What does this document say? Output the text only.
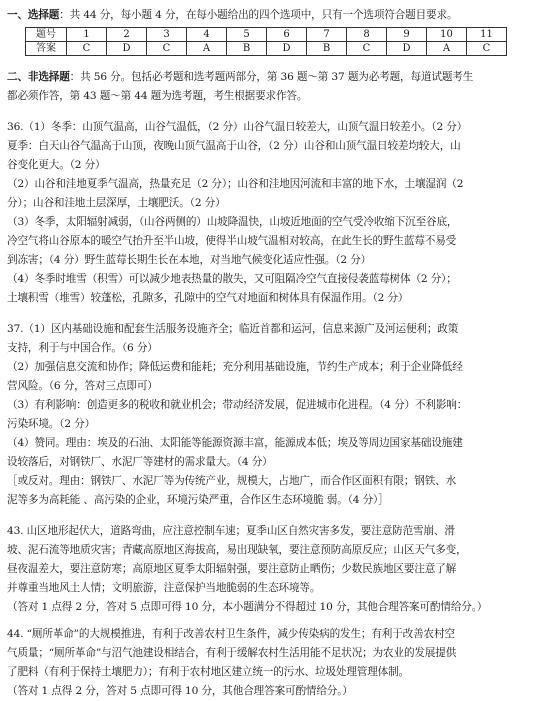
一、选择题：共 44 分，每小题 4 分，在每小题给出的四个选项中，只有一个选项符合题目要求。

题号	1	2	3	4	5	6	7	8	9	10	11
答案	C	D	C	A	B	D	B	C	D	A	C

二、非选择题：共 56 分。包括必考题和选考题两部分，第 36 题～第 37 题为必考题，每道试题考生

都必须作答，第 43 题～第 44 题为选考题，考生根据要求作答。

36.（1）冬季：山顶气温高，山谷气温低，（2 分）山谷气温日较差大，山顶气温日较差小。（2 分）

夏季：白天山谷气温高于山顶，夜晚山顶气温高于山谷，（2 分）山谷和山顶气温日较差均较大，山

谷变化更大。（2 分）

（2）山谷和洼地夏季气温高，热量充足（2 分）；山谷和洼地因河流和丰富的地下水，土壤湿润（2

分）；山谷和洼地土层深厚，土壤肥沃。（2 分）

（3）冬季，太阳辐射减弱，（山谷两侧的）山坡降温快，山坡近地面的空气受冷收缩下沉至谷底，

冷空气将山谷原本的暖空气抬升至半山坡，使得半山坡气温相对较高，在此生长的野生蓝莓不易受

到冻害；（4 分）野生蓝莓长期生长在本地，对当地气候变化适应性强。（2 分）

（4）冬季时堆雪（积雪）可以减少地表热量的散失，又可阻隔冷空气直接侵袭蓝莓树体（2 分）；

土壤积雪（堆雪）较蓬松，孔隙多，孔隙中的空气对地面和树体具有保温作用。（2 分）

37.（1）区内基础设施和配套生活服务设施齐全；临近首都和运河，信息来源广及河运便利；政策

支持，利于与中国合作。（6 分）

（2）加强信息交流和协作；降低运费和能耗；充分利用基础设施，节约生产成本；利于企业降低经

营风险。（6 分，答对三点即可）

（3）有利影响：创造更多的税收和就业机会；带动经济发展，促进城市化进程。（4 分）不利影响：

污染环境。（2 分）

（4）赞同。理由：埃及的石油、太阳能等能源资源丰富，能源成本低；埃及等周边国家基础设施建

设较落后，对钢铁厂、水泥厂等建材的需求量大。（4 分）

［或反对。理由：钢铁厂、水泥厂等为传统产业，规模大，占地广，而合作区面积有限；钢铁、水

泥等多为高耗能 、高污染的企业，环境污染严重，合作区生态环境脆 弱。（4 分）］

43. 山区地形起伏大，道路弯曲，应注意控制车速；夏季山区自然灾害多发，要注意防范雪崩、滑

坡、泥石流等地质灾害；青藏高原地区海拔高，易出现缺氧，要注意预防高原反应；山区天气多变，

昼夜温差大，要注意防寒；高原地区夏季太阳辐射强，要注意防止晒伤；少数民族地区要注意了解

并尊重当地风土人情；文明旅游，注意保护当地脆弱的生态环境等。

（答对 1 点得 2 分，答对 5 点即可得 10 分，本小题满分不得超过 10 分，其他合理答案可酌情给分。）

44. “厕所革命”的大规模推进，有利于改善农村卫生条件，减少传染病的发生；有利于改善农村空

气质量；“厕所革命”与沼气池建设相结合，有利于缓解农村生活用能不足状况；为农业的发展提供

了肥料（有利于保持土壤肥力）；有利于农村地区建立统一的污水、垃圾处理管理体制。

（答对 1 点得 2 分，答对 5 点即可得 10 分，其他合理答案可酌情给分。）
